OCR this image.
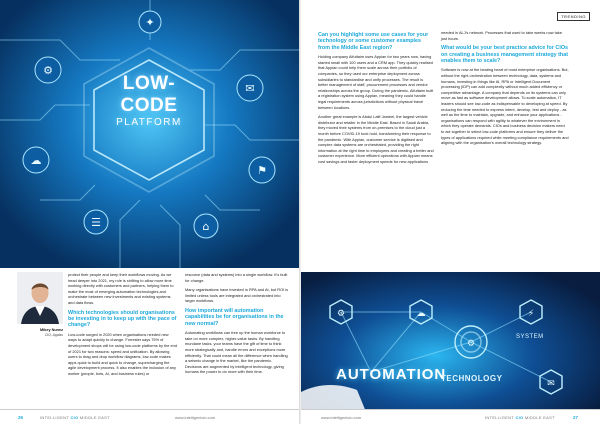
⚙
☁
✉
⚑
☰	⌂
✦
LOW-CODE
PLATFORM
Mikey Nunez
CIO, Applas

protect their people and keep their workflows moving. As we head deeper into 2021, my role is shifting to allow more time working directly with customers and partners, helping them to make the most of emerging automation technologies and orchestrate between new investments and existing systems and data flows.

Which technologies should organisations be investing in to keep up with the pace of change?

Low-code surged in 2020 when organisations needed new ways to adapt quickly to change. Forrester says 75% of development shops will be using low-code platforms by the end of 2021 for two reasons: speed and unification. By allowing users to drag and drop workflow diagrams, low-code makes apps quick to build and quick to change, supercharging the agile development process. It also enables the inclusion of any worker (people, bots, AI, and business rules) or

resource (data and systems) into a single workflow. It's built for change.

Many organisations have invested in RPA and AI, but ROI is limited unless tools are integrated and orchestrated into larger workflows.

How important will automation capabilities be for organisations in the new normal?

Automating workflows can free up the human workforce to take on more complex, higher-value tasks. By handling mundane tasks, your teams have the gift of time to think more strategically and, handle errors and exceptions more efficiently. That could mean all the difference when handling a seismic change in the market, like the pandemic. Decisions are augmented by intelligent technology, giving humans the power to do more with their time.

26	INTELLIGENT CIO MIDDLE EAST	www.intelligentcio.com
TRENDING
Can you highlight some use cases for your technology or some customer examples from the Middle East region?

Holding company Alfuttaim uses Appian for two years now, having started small with 100 users and a CRM app. They quickly realised that Appian could help them scale across their portfolio of companies, so they used our enterprise deployment across subsidiaries to standardise and unify processes. The result is better management of staff, procurement processes and vendor relationships across the group. During the pandemic, Alfuttaim built a registration system using Appian, meaning they could handle legal requirements across jurisdictions without physical travel between locations.

Another great example is Abdul Latif Jameel, the largest vehicle distributor and retailer in the Middle East. Based in Saudi Arabia, they moved their systems from on-premises to the cloud just a month before COVID-19 took hold, transforming their response to the pandemic. With Appian, customer service is digitised and complex data systems are orchestrated, providing the right information at the right time to employees and creating a better and customer experience. More efficient operations with Appian means cost savings and faster deployment speeds for new applications

needed in ALJ's network. Processes that used to take weeks now take just hours.

What would be your best practice advice for CIOs on creating a business management strategy that enables them to scale?

Software is now at the beating heart of most enterprise organisations. But, without the right orchestration between technology, data, systems and humans, investing in things like AI, RPA or Intelligent Document processing (IDP) can add complexity without much added efficiency or competitive advantage. A company that depends on its systems can only move as fast as software development allows. To scale automation, IT leaders should see low-code as indispensable to developing at speed. By reducing the time needed to express intent, develop, test and deploy - as well as the time to maintain, upgrade, and enhance your applications - organisations can respond with agility to whatever the environment in which they operate demands. CIOs and business decision makers need to act together to select low-code platforms and ensure they deliver the types of applications required while meeting compliance requirements and aligning with the organisation's overall technology strategy.

⚙	☁	⚡
✉
⚙
AUTOMATION
TECHNOLOGY
SYSTEM
www.intelligentcio.com	INTELLIGENT CIO MIDDLE EAST	27
